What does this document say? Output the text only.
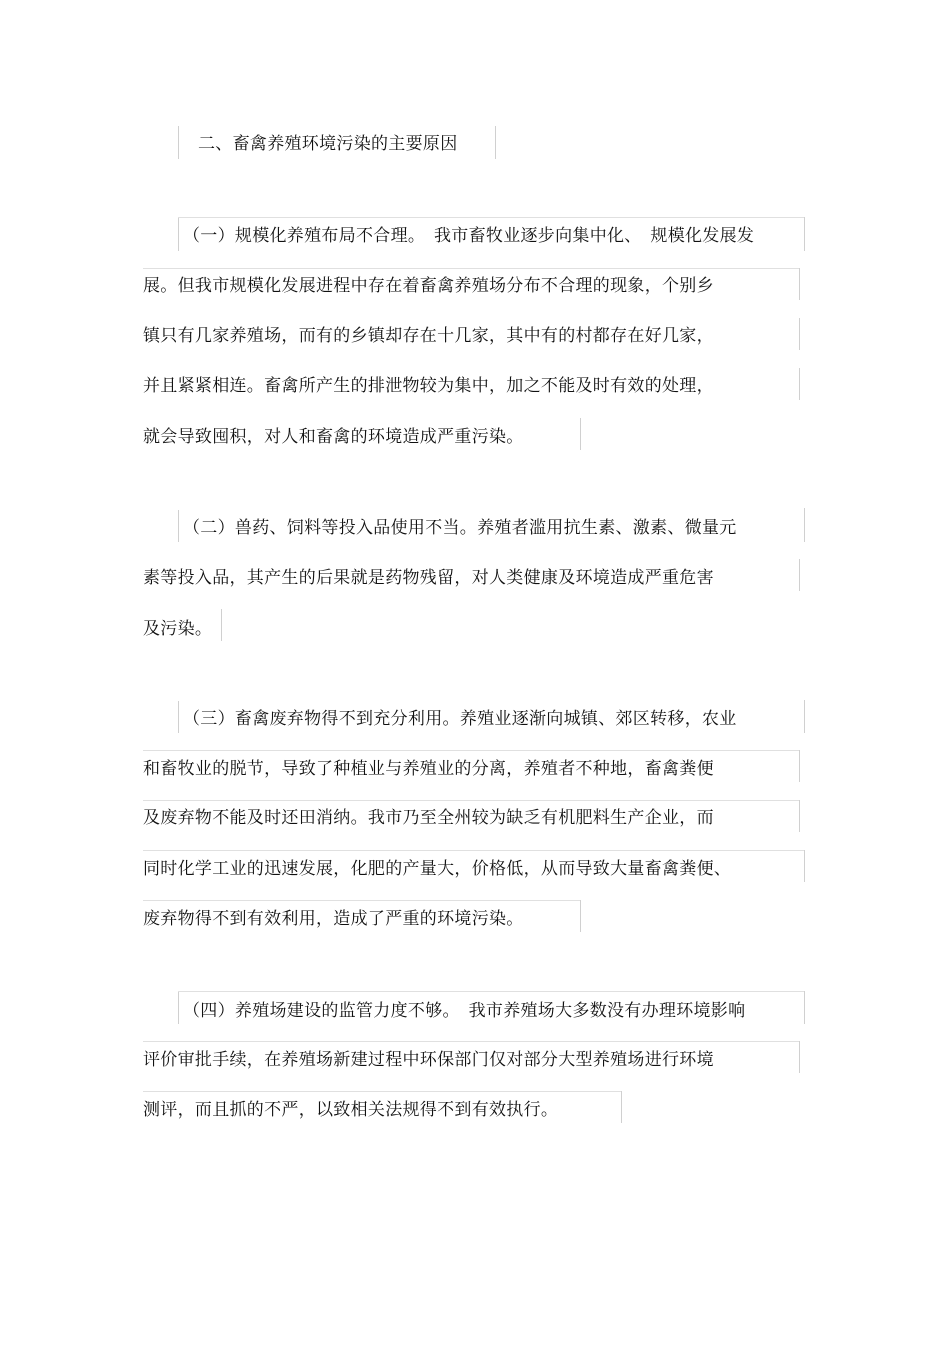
二、畜禽养殖环境污染的主要原因
（一）规模化养殖布局不合理。　我市畜牧业逐步向集中化、　规模化发展发
展。但我市规模化发展进程中存在着畜禽养殖场分布不合理的现象，个别乡
镇只有几家养殖场，而有的乡镇却存在十几家，其中有的村都存在好几家，
并且紧紧相连。畜禽所产生的排泄物较为集中，加之不能及时有效的处理，
就会导致囤积，对人和畜禽的环境造成严重污染。
（二）兽药、饲料等投入品使用不当。养殖者滥用抗生素、激素、微量元
素等投入品，其产生的后果就是药物残留，对人类健康及环境造成严重危害
及污染。
（三）畜禽废弃物得不到充分利用。养殖业逐渐向城镇、郊区转移，农业
和畜牧业的脱节，导致了种植业与养殖业的分离，养殖者不种地，畜禽粪便
及废弃物不能及时还田消纳。我市乃至全州较为缺乏有机肥料生产企业，而
同时化学工业的迅速发展，化肥的产量大，价格低，从而导致大量畜禽粪便、
废弃物得不到有效利用，造成了严重的环境污染。
（四）养殖场建设的监管力度不够。　我市养殖场大多数没有办理环境影响
评价审批手续，在养殖场新建过程中环保部门仅对部分大型养殖场进行环境
测评，而且抓的不严，以致相关法规得不到有效执行。
